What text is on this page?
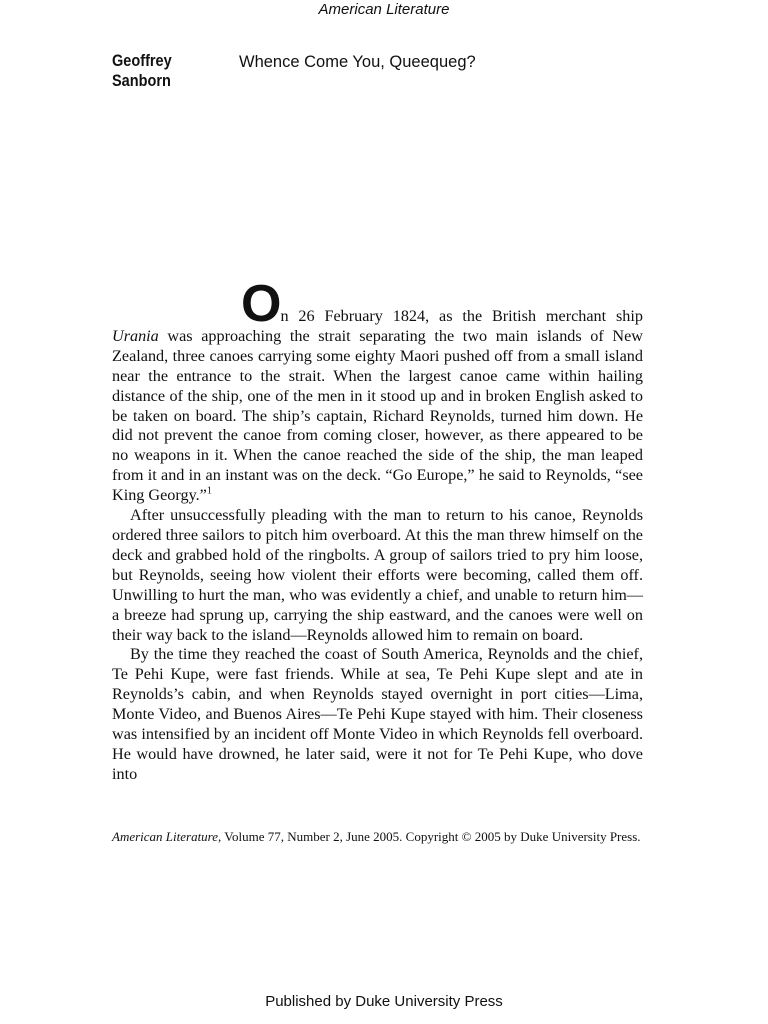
American Literature
Geoffrey
Sanborn
Whence Come You, Queequeg?

On 26 February 1824, as the British merchant ship Urania was approaching the strait separating the two main islands of New Zealand, three canoes carrying some eighty Maori pushed off from a small island near the entrance to the strait. When the largest canoe came within hailing distance of the ship, one of the men in it stood up and in broken English asked to be taken on board. The ship’s captain, Richard Reynolds, turned him down. He did not prevent the canoe from coming closer, however, as there appeared to be no weapons in it. When the canoe reached the side of the ship, the man leaped from it and in an instant was on the deck. “Go Europe,” he said to Reynolds, “see King Georgy.”$^1$

After unsuccessfully pleading with the man to return to his canoe, Reynolds ordered three sailors to pitch him overboard. At this the man threw himself on the deck and grabbed hold of the ringbolts. A group of sailors tried to pry him loose, but Reynolds, seeing how violent their efforts were becoming, called them off. Unwilling to hurt the man, who was evidently a chief, and unable to return him—a breeze had sprung up, carrying the ship eastward, and the canoes were well on their way back to the island—Reynolds allowed him to remain on board.

By the time they reached the coast of South America, Reynolds and the chief, Te Pehi Kupe, were fast friends. While at sea, Te Pehi Kupe slept and ate in Reynolds’s cabin, and when Reynolds stayed overnight in port cities—Lima, Monte Video, and Buenos Aires—Te Pehi Kupe stayed with him. Their closeness was intensified by an incident off Monte Video in which Reynolds fell overboard. He would have drowned, he later said, were it not for Te Pehi Kupe, who dove into

American Literature, Volume 77, Number 2, June 2005. Copyright © 2005 by Duke University Press.
Published by Duke University Press
